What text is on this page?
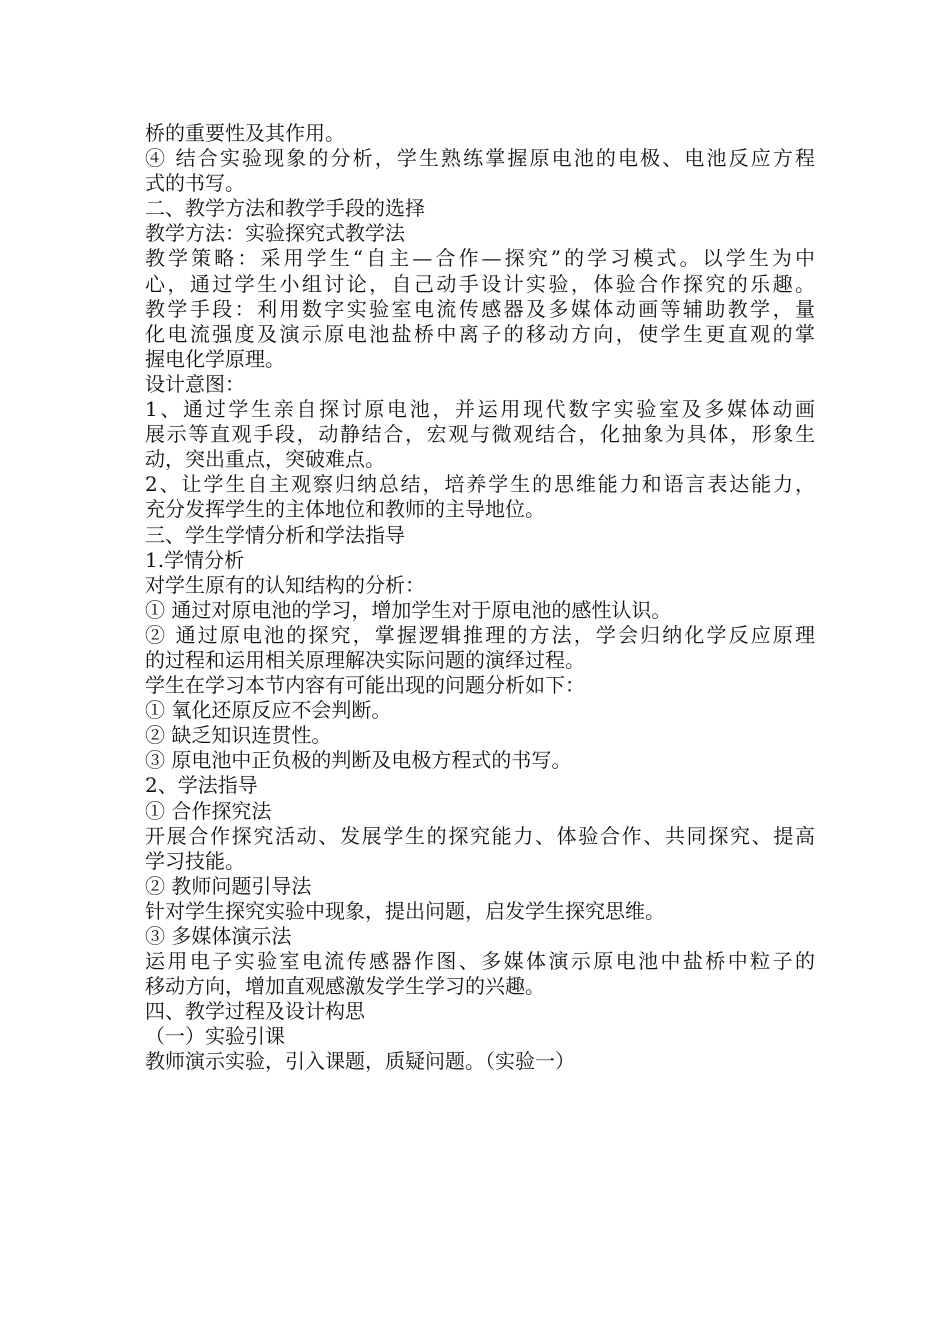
桥的重要性及其作用。
④ 结合实验现象的分析，学生熟练掌握原电池的电极、电池反应方程
式的书写。
二、教学方法和教学手段的选择
教学方法：实验探究式教学法
教学策略：采用学生“自主—合作—探究”的学习模式。以学生为中
心，通过学生小组讨论，自己动手设计实验，体验合作探究的乐趣。
教学手段：利用数字实验室电流传感器及多媒体动画等辅助教学，量
化电流强度及演示原电池盐桥中离子的移动方向，使学生更直观的掌
握电化学原理。
设计意图：
1、通过学生亲自探讨原电池，并运用现代数字实验室及多媒体动画
展示等直观手段，动静结合，宏观与微观结合，化抽象为具体，形象生
动，突出重点，突破难点。
2、让学生自主观察归纳总结，培养学生的思维能力和语言表达能力，
充分发挥学生的主体地位和教师的主导地位。
三、学生学情分析和学法指导
1.学情分析
对学生原有的认知结构的分析：
① 通过对原电池的学习，增加学生对于原电池的感性认识。
② 通过原电池的探究，掌握逻辑推理的方法，学会归纳化学反应原理
的过程和运用相关原理解决实际问题的演绎过程。
学生在学习本节内容有可能出现的问题分析如下：
① 氧化还原反应不会判断。
② 缺乏知识连贯性。
③ 原电池中正负极的判断及电极方程式的书写。
2、学法指导
① 合作探究法
开展合作探究活动、发展学生的探究能力、体验合作、共同探究、提高
学习技能。
② 教师问题引导法
针对学生探究实验中现象，提出问题，启发学生探究思维。
③ 多媒体演示法
运用电子实验室电流传感器作图、多媒体演示原电池中盐桥中粒子的
移动方向，增加直观感激发学生学习的兴趣。
四、教学过程及设计构思
（一）实验引课
教师演示实验，引入课题，质疑问题。（实验一）
